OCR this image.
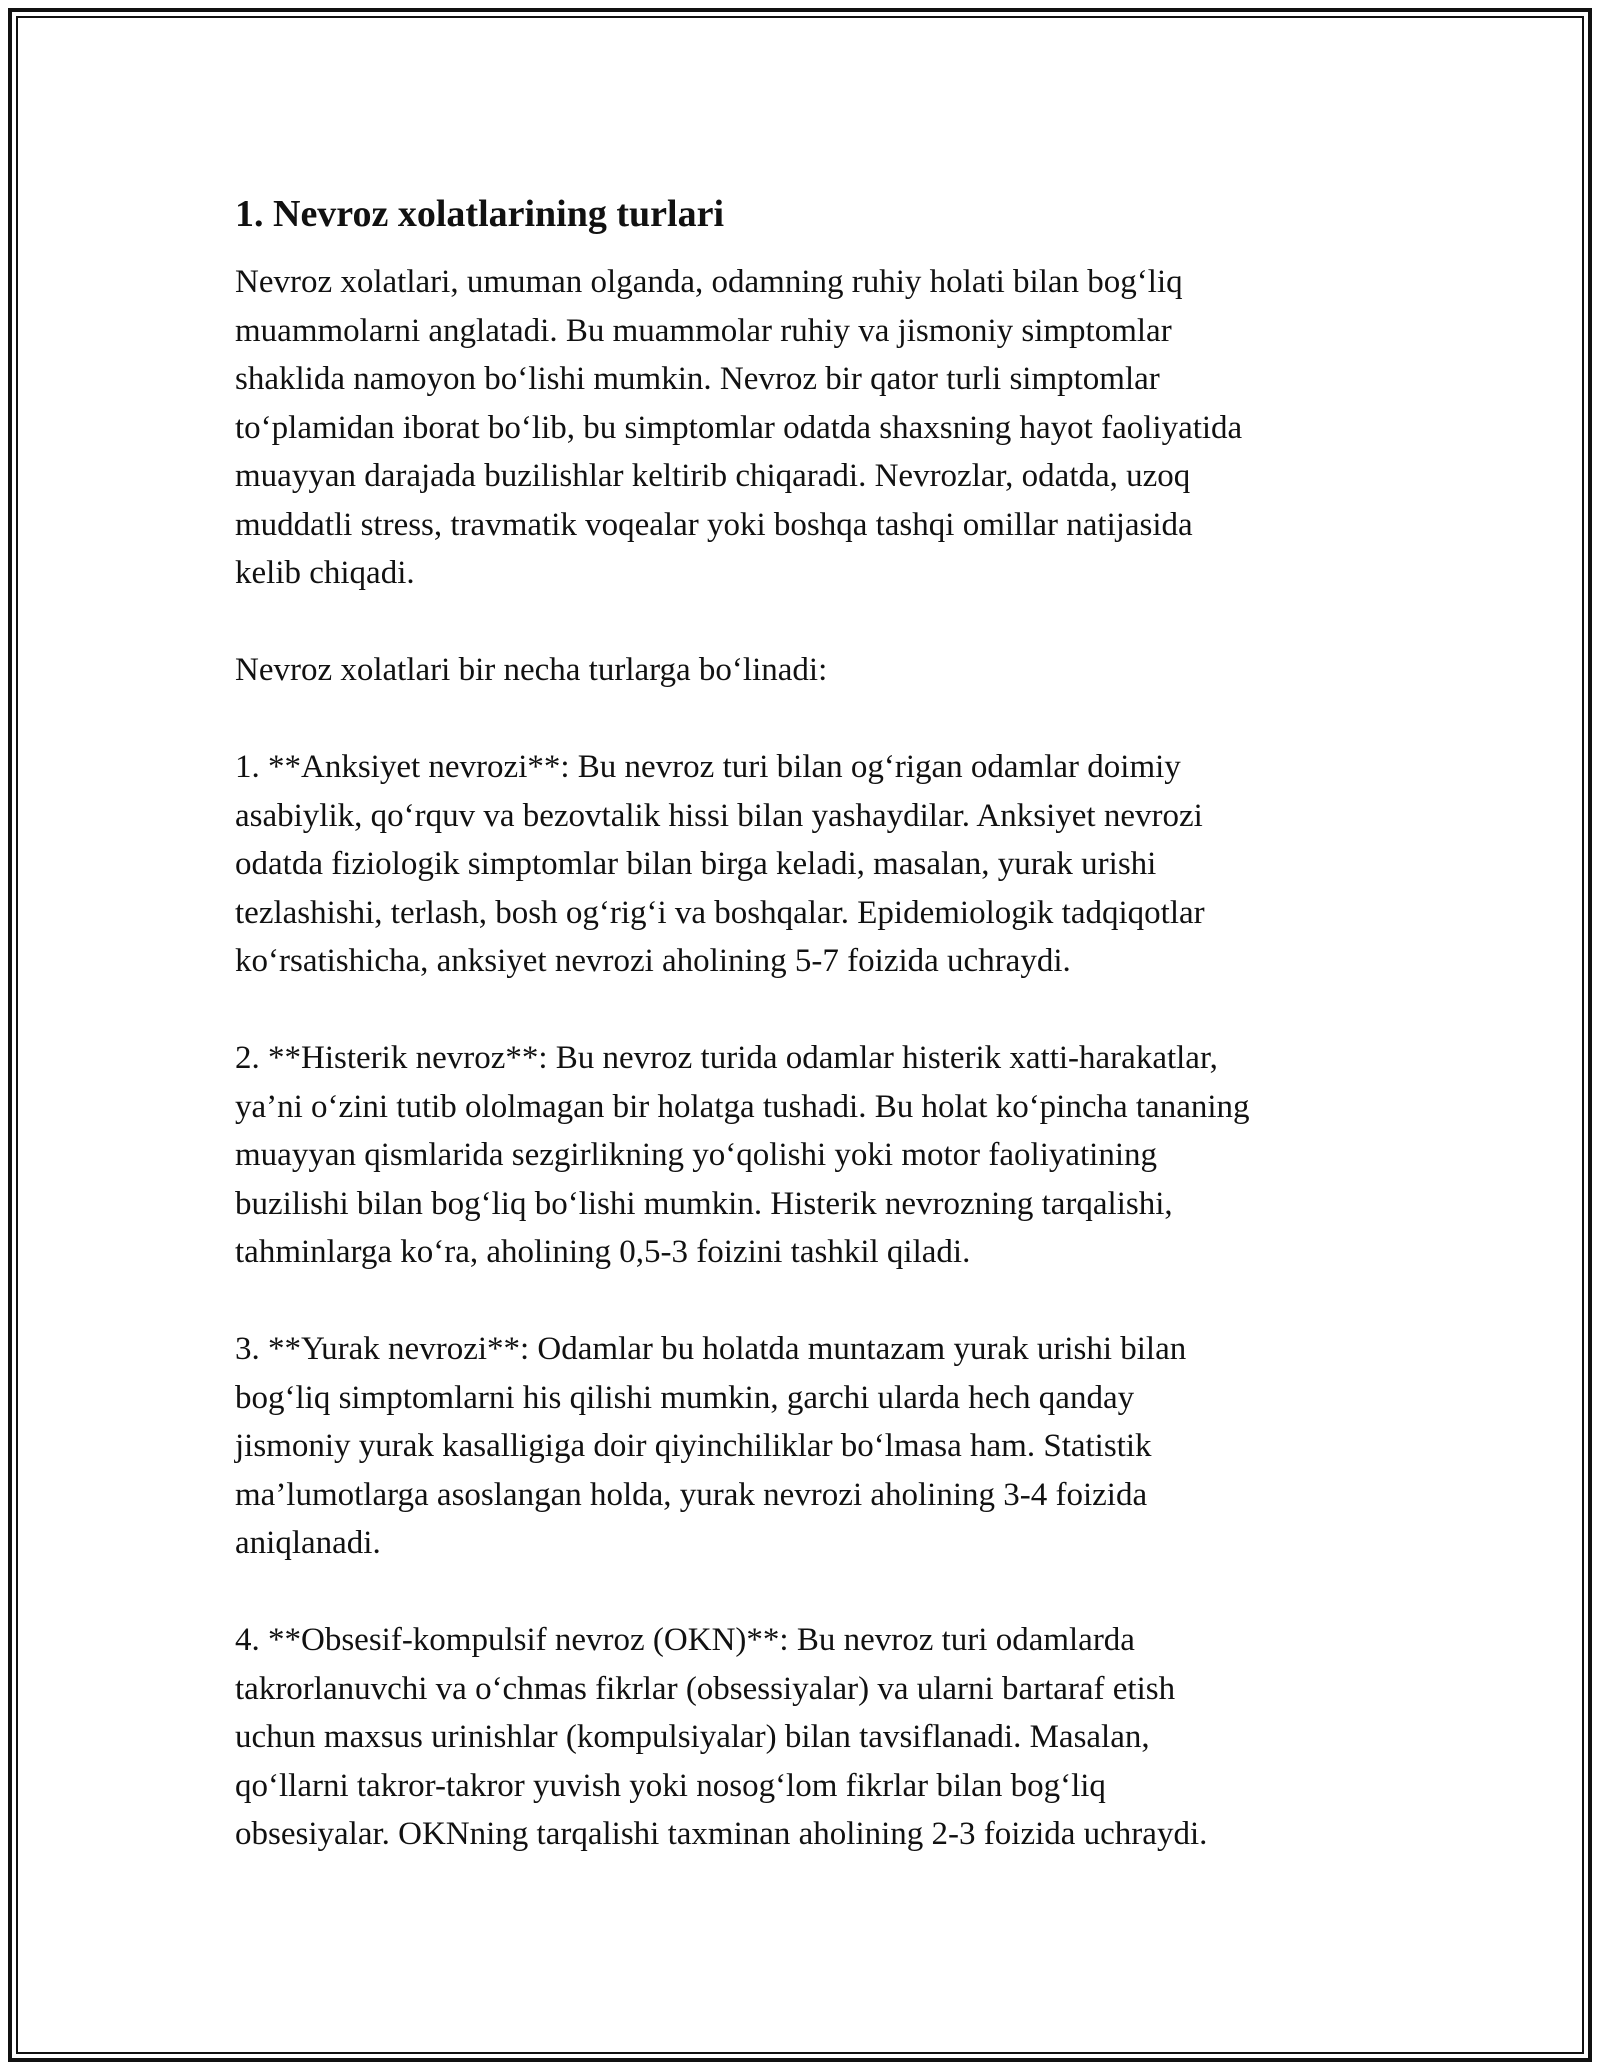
1. Nevroz xolatlarining turlari
Nevroz xolatlari, umuman olganda, odamning ruhiy holati bilan bog‘liq
muammolarni anglatadi. Bu muammolar ruhiy va jismoniy simptomlar
shaklida namoyon bo‘lishi mumkin. Nevroz bir qator turli simptomlar
to‘plamidan iborat bo‘lib, bu simptomlar odatda shaxsning hayot faoliyatida
muayyan darajada buzilishlar keltirib chiqaradi. Nevrozlar, odatda, uzoq
muddatli stress, travmatik voqealar yoki boshqa tashqi omillar natijasida
kelib chiqadi.
Nevroz xolatlari bir necha turlarga bo‘linadi:
1. **Anksiyet nevrozi**: Bu nevroz turi bilan og‘rigan odamlar doimiy
asabiylik, qo‘rquv va bezovtalik hissi bilan yashaydilar. Anksiyet nevrozi
odatda fiziologik simptomlar bilan birga keladi, masalan, yurak urishi
tezlashishi, terlash, bosh og‘rig‘i va boshqalar. Epidemiologik tadqiqotlar
ko‘rsatishicha, anksiyet nevrozi aholining 5-7 foizida uchraydi.
2. **Histerik nevroz**: Bu nevroz turida odamlar histerik xatti-harakatlar,
ya’ni o‘zini tutib ololmagan bir holatga tushadi. Bu holat ko‘pincha tananing
muayyan qismlarida sezgirlikning yo‘qolishi yoki motor faoliyatining
buzilishi bilan bog‘liq bo‘lishi mumkin. Histerik nevrozning tarqalishi,
tahminlarga ko‘ra, aholining 0,5-3 foizini tashkil qiladi.
3. **Yurak nevrozi**: Odamlar bu holatda muntazam yurak urishi bilan
bog‘liq simptomlarni his qilishi mumkin, garchi ularda hech qanday
jismoniy yurak kasalligiga doir qiyinchiliklar bo‘lmasa ham. Statistik
ma’lumotlarga asoslangan holda, yurak nevrozi aholining 3-4 foizida
aniqlanadi.
4. **Obsesif-kompulsif nevroz (OKN)**: Bu nevroz turi odamlarda
takrorlanuvchi va o‘chmas fikrlar (obsessiyalar) va ularni bartaraf etish
uchun maxsus urinishlar (kompulsiyalar) bilan tavsiflanadi. Masalan,
qo‘llarni takror-takror yuvish yoki nosog‘lom fikrlar bilan bog‘liq
obsesiyalar. OKNning tarqalishi taxminan aholining 2-3 foizida uchraydi.
